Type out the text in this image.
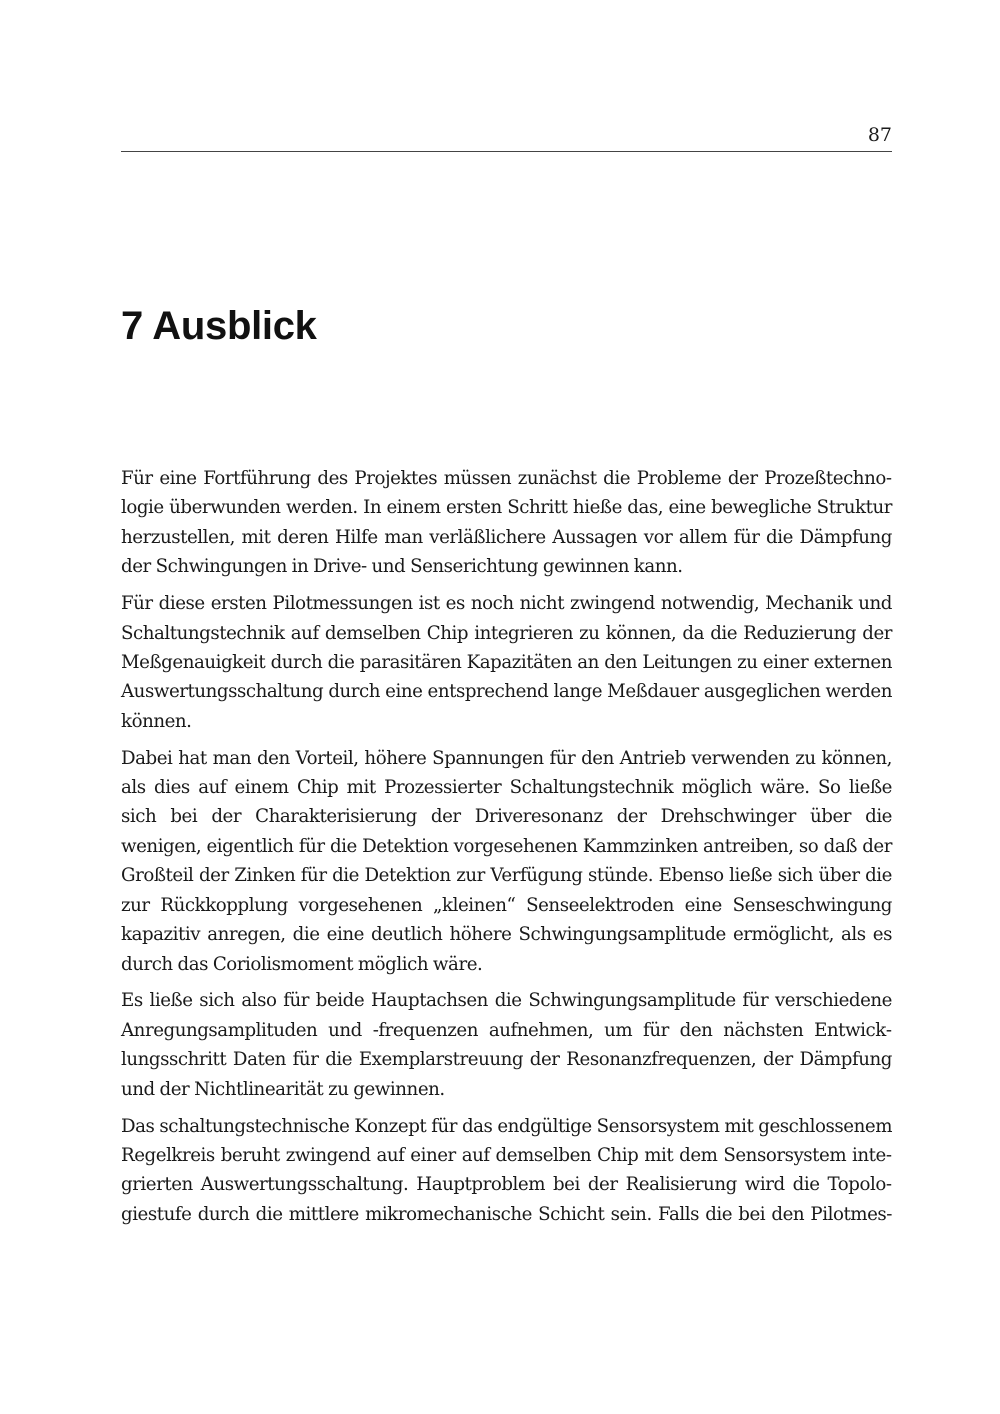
87
7 Ausblick

Für eine Fortführung des Projektes müssen zunächst die Probleme der Prozeßtechnologie überwunden werden. In einem ersten Schritt hieße das, eine bewegliche Struktur herzustellen, mit deren Hilfe man verläßlichere Aussagen vor allem für die Dämpfung der Schwingungen in Drive- und Senserichtung gewinnen kann.

Für diese ersten Pilotmessungen ist es noch nicht zwingend notwendig, Mechanik und Schaltungstechnik auf demselben Chip integrieren zu können, da die Reduzierung der Meßgenauigkeit durch die parasitären Kapazitäten an den Leitungen zu einer externen Auswertungsschaltung durch eine entsprechend lange Meßdauer ausgeglichen werden können.

Dabei hat man den Vorteil, höhere Spannungen für den Antrieb verwenden zu können, als dies auf einem Chip mit Prozessierter Schaltungstechnik möglich wäre. So ließe sich bei der Charakterisierung der Driveresonanz der Drehschwinger über die wenigen, eigentlich für die Detektion vorgesehenen Kammzinken antreiben, so daß der Großteil der Zinken für die Detektion zur Verfügung stünde. Ebenso ließe sich über die zur Rückkopplung vorgesehenen „kleinen“ Senseelektroden eine Senseschwingung kapazitiv anregen, die eine deutlich höhere Schwingungsamplitude ermöglicht, als es durch das Coriolismoment möglich wäre.

Es ließe sich also für beide Hauptachsen die Schwingungsamplitude für verschiedene Anregungsamplituden und -frequenzen aufnehmen, um für den nächsten Entwicklungsschritt Daten für die Exemplarstreuung der Resonanzfrequenzen, der Dämpfung und der Nichtlinearität zu gewinnen.

Das schaltungstechnische Konzept für das endgültige Sensorsystem mit geschlossenem Regelkreis beruht zwingend auf einer auf demselben Chip mit dem Sensorsystem integrierten Auswertungsschaltung. Hauptproblem bei der Realisierung wird die Topologiestufe durch die mittlere mikromechanische Schicht sein. Falls die bei den Pilotmes-
